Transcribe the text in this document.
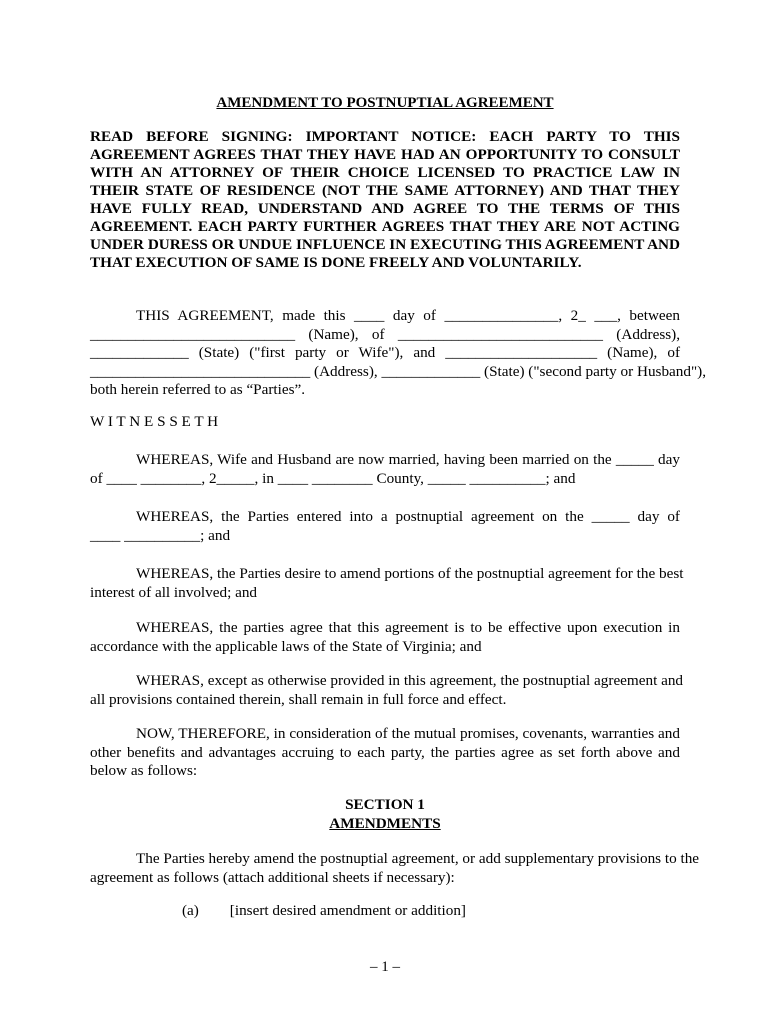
AMENDMENT TO POSTNUPTIAL AGREEMENT
READ BEFORE SIGNING: IMPORTANT NOTICE: EACH PARTY TO THIS
AGREEMENT AGREES THAT THEY HAVE HAD AN OPPORTUNITY TO CONSULT
WITH AN ATTORNEY OF THEIR CHOICE LICENSED TO PRACTICE LAW IN
THEIR STATE OF RESIDENCE (NOT THE SAME ATTORNEY) AND THAT THEY
HAVE FULLY READ, UNDERSTAND AND AGREE TO THE TERMS OF THIS
AGREEMENT. EACH PARTY FURTHER AGREES THAT THEY ARE NOT ACTING
UNDER DURESS OR UNDUE INFLUENCE IN EXECUTING THIS AGREEMENT AND
THAT EXECUTION OF SAME IS DONE FREELY AND VOLUNTARILY.
THIS AGREEMENT, made this ____ day of _______________, 2_ ___, between
___________________________ (Name), of ___________________________ (Address),
_____________ (State) ("first party or Wife"), and ____________________ (Name), of
_____________________________ (Address), _____________ (State) ("second party or Husband"),
both herein referred to as “Parties”.
W I T N E S S E T H
WHEREAS, Wife and Husband are now married, having been married on the _____ day
of ____ ________, 2_____, in ____ ________ County, _____ __________; and
WHEREAS, the Parties entered into a postnuptial agreement on the _____ day of
____ __________; and
WHEREAS, the Parties desire to amend portions of the postnuptial agreement for the best
interest of all involved; and
WHEREAS, the parties agree that this agreement is to be effective upon execution in
accordance with the applicable laws of the State of Virginia; and
WHERAS, except as otherwise provided in this agreement, the postnuptial agreement and
all provisions contained therein, shall remain in full force and effect.
NOW, THEREFORE, in consideration of the mutual promises, covenants, warranties and
other benefits and advantages accruing to each party, the parties agree as set forth above and
below as follows:
SECTION 1
AMENDMENTS
The Parties hereby amend the postnuptial agreement, or add supplementary provisions to the
agreement as follows (attach additional sheets if necessary):
(a) [insert desired amendment or addition]
– 1 –
